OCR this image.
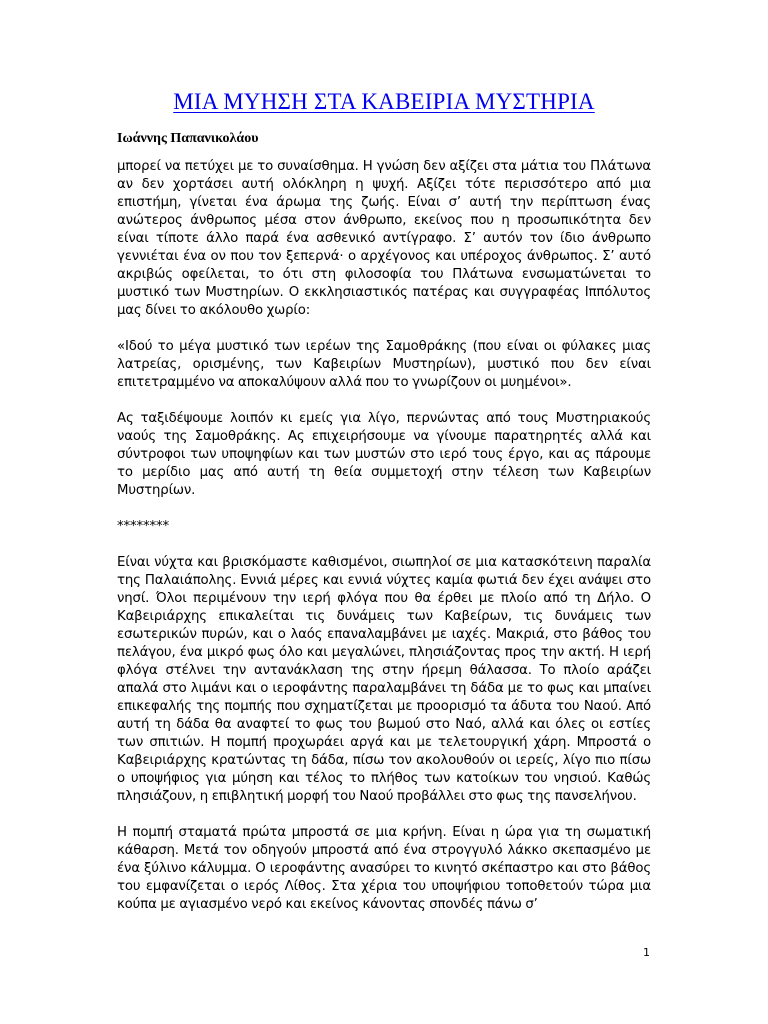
ΜΙΑ ΜΥΗΣΗ ΣΤΑ ΚΑΒΕΙΡΙΑ ΜΥΣΤΗΡΙΑ
Ιωάννης Παπανικολάου

μπορεί να πετύχει με το συναίσθημα. Η γνώση δεν αξίζει στα μάτια του Πλάτωνα αν δεν χορτάσει αυτή ολόκληρη η ψυχή. Αξίζει τότε περισσότερο από μια επιστήμη, γίνεται ένα άρωμα της ζωής. Είναι σ’ αυτή την περίπτωση ένας ανώτερος άνθρωπος μέσα στον άνθρωπο, εκείνος που η προσωπικότητα δεν είναι τίποτε άλλο παρά ένα ασθενικό αντίγραφο. Σ’ αυτόν τον ίδιο άνθρωπο γεννιέται ένα ον που τον ξεπερνά· ο αρχέγονος και υπέροχος άνθρωπος. Σ’ αυτό ακριβώς οφείλεται, το ότι στη φιλοσοφία του Πλάτωνα ενσωματώνεται το μυστικό των Μυστηρίων. Ο εκκλησιαστικός πατέρας και συγγραφέας Ιππόλυτος μας δίνει το ακόλουθο χωρίο:

«Ιδού το μέγα μυστικό των ιερέων της Σαμοθράκης (που είναι οι φύλακες μιας λατρείας, ορισμένης, των Καβειρίων Μυστηρίων), μυστικό που δεν είναι επιτετραμμένο να αποκαλύψουν αλλά που το γνωρίζουν οι μυημένοι».

Ας ταξιδέψουμε λοιπόν κι εμείς για λίγο, περνώντας από τους Μυστηριακούς ναούς της Σαμοθράκης. Ας επιχειρήσουμε να γίνουμε παρατηρητές αλλά και σύντροφοι των υποψηφίων και των μυστών στο ιερό τους έργο, και ας πάρουμε το μερίδιο μας από αυτή τη θεία συμμετοχή στην τέλεση των Καβειρίων Μυστηρίων.

********

Είναι νύχτα και βρισκόμαστε καθισμένοι, σιωπηλοί σε μια κατασκότεινη παραλία της Παλαιάπολης. Εννιά μέρες και εννιά νύχτες καμία φωτιά δεν έχει ανάψει στο νησί. Όλοι περιμένουν την ιερή φλόγα που θα έρθει με πλοίο από τη Δήλο. Ο Καβειριάρχης επικαλείται τις δυνάμεις των Καβείρων, τις δυνάμεις των εσωτερικών πυρών, και ο λαός επαναλαμβάνει με ιαχές. Μακριά, στο βάθος του πελάγου, ένα μικρό φως όλο και μεγαλώνει, πλησιάζοντας προς την ακτή. Η ιερή φλόγα στέλνει την αντανάκλαση της στην ήρεμη θάλασσα. Το πλοίο αράζει απαλά στο λιμάνι και ο ιεροφάντης παραλαμβάνει τη δάδα με το φως και μπαίνει επικεφαλής της πομπής που σχηματίζεται με προορισμό τα άδυτα του Ναού. Από αυτή τη δάδα θα αναφτεί το φως του βωμού στο Ναό, αλλά και όλες οι εστίες των σπιτιών. Η πομπή προχωράει αργά και με τελετουργική χάρη. Μπροστά ο Καβειριάρχης κρατώντας τη δάδα, πίσω τον ακολουθούν οι ιερείς, λίγο πιο πίσω ο υποψήφιος για μύηση και τέλος το πλήθος των κατοίκων του νησιού. Καθώς πλησιάζουν, η επιβλητική μορφή του Ναού προβάλλει στο φως της πανσελήνου.

Η πομπή σταματά πρώτα μπροστά σε μια κρήνη. Είναι η ώρα για τη σωματική κάθαρση. Μετά τον οδηγούν μπροστά από ένα στρογγυλό λάκκο σκεπασμένο με ένα ξύλινο κάλυμμα. Ο ιεροφάντης ανασύρει το κινητό σκέπαστρο και στο βάθος του εμφανίζεται ο ιερός Λίθος. Στα χέρια του υποψήφιου τοποθετούν τώρα μια κούπα με αγιασμένο νερό και εκείνος κάνοντας σπονδές πάνω σ’

1
